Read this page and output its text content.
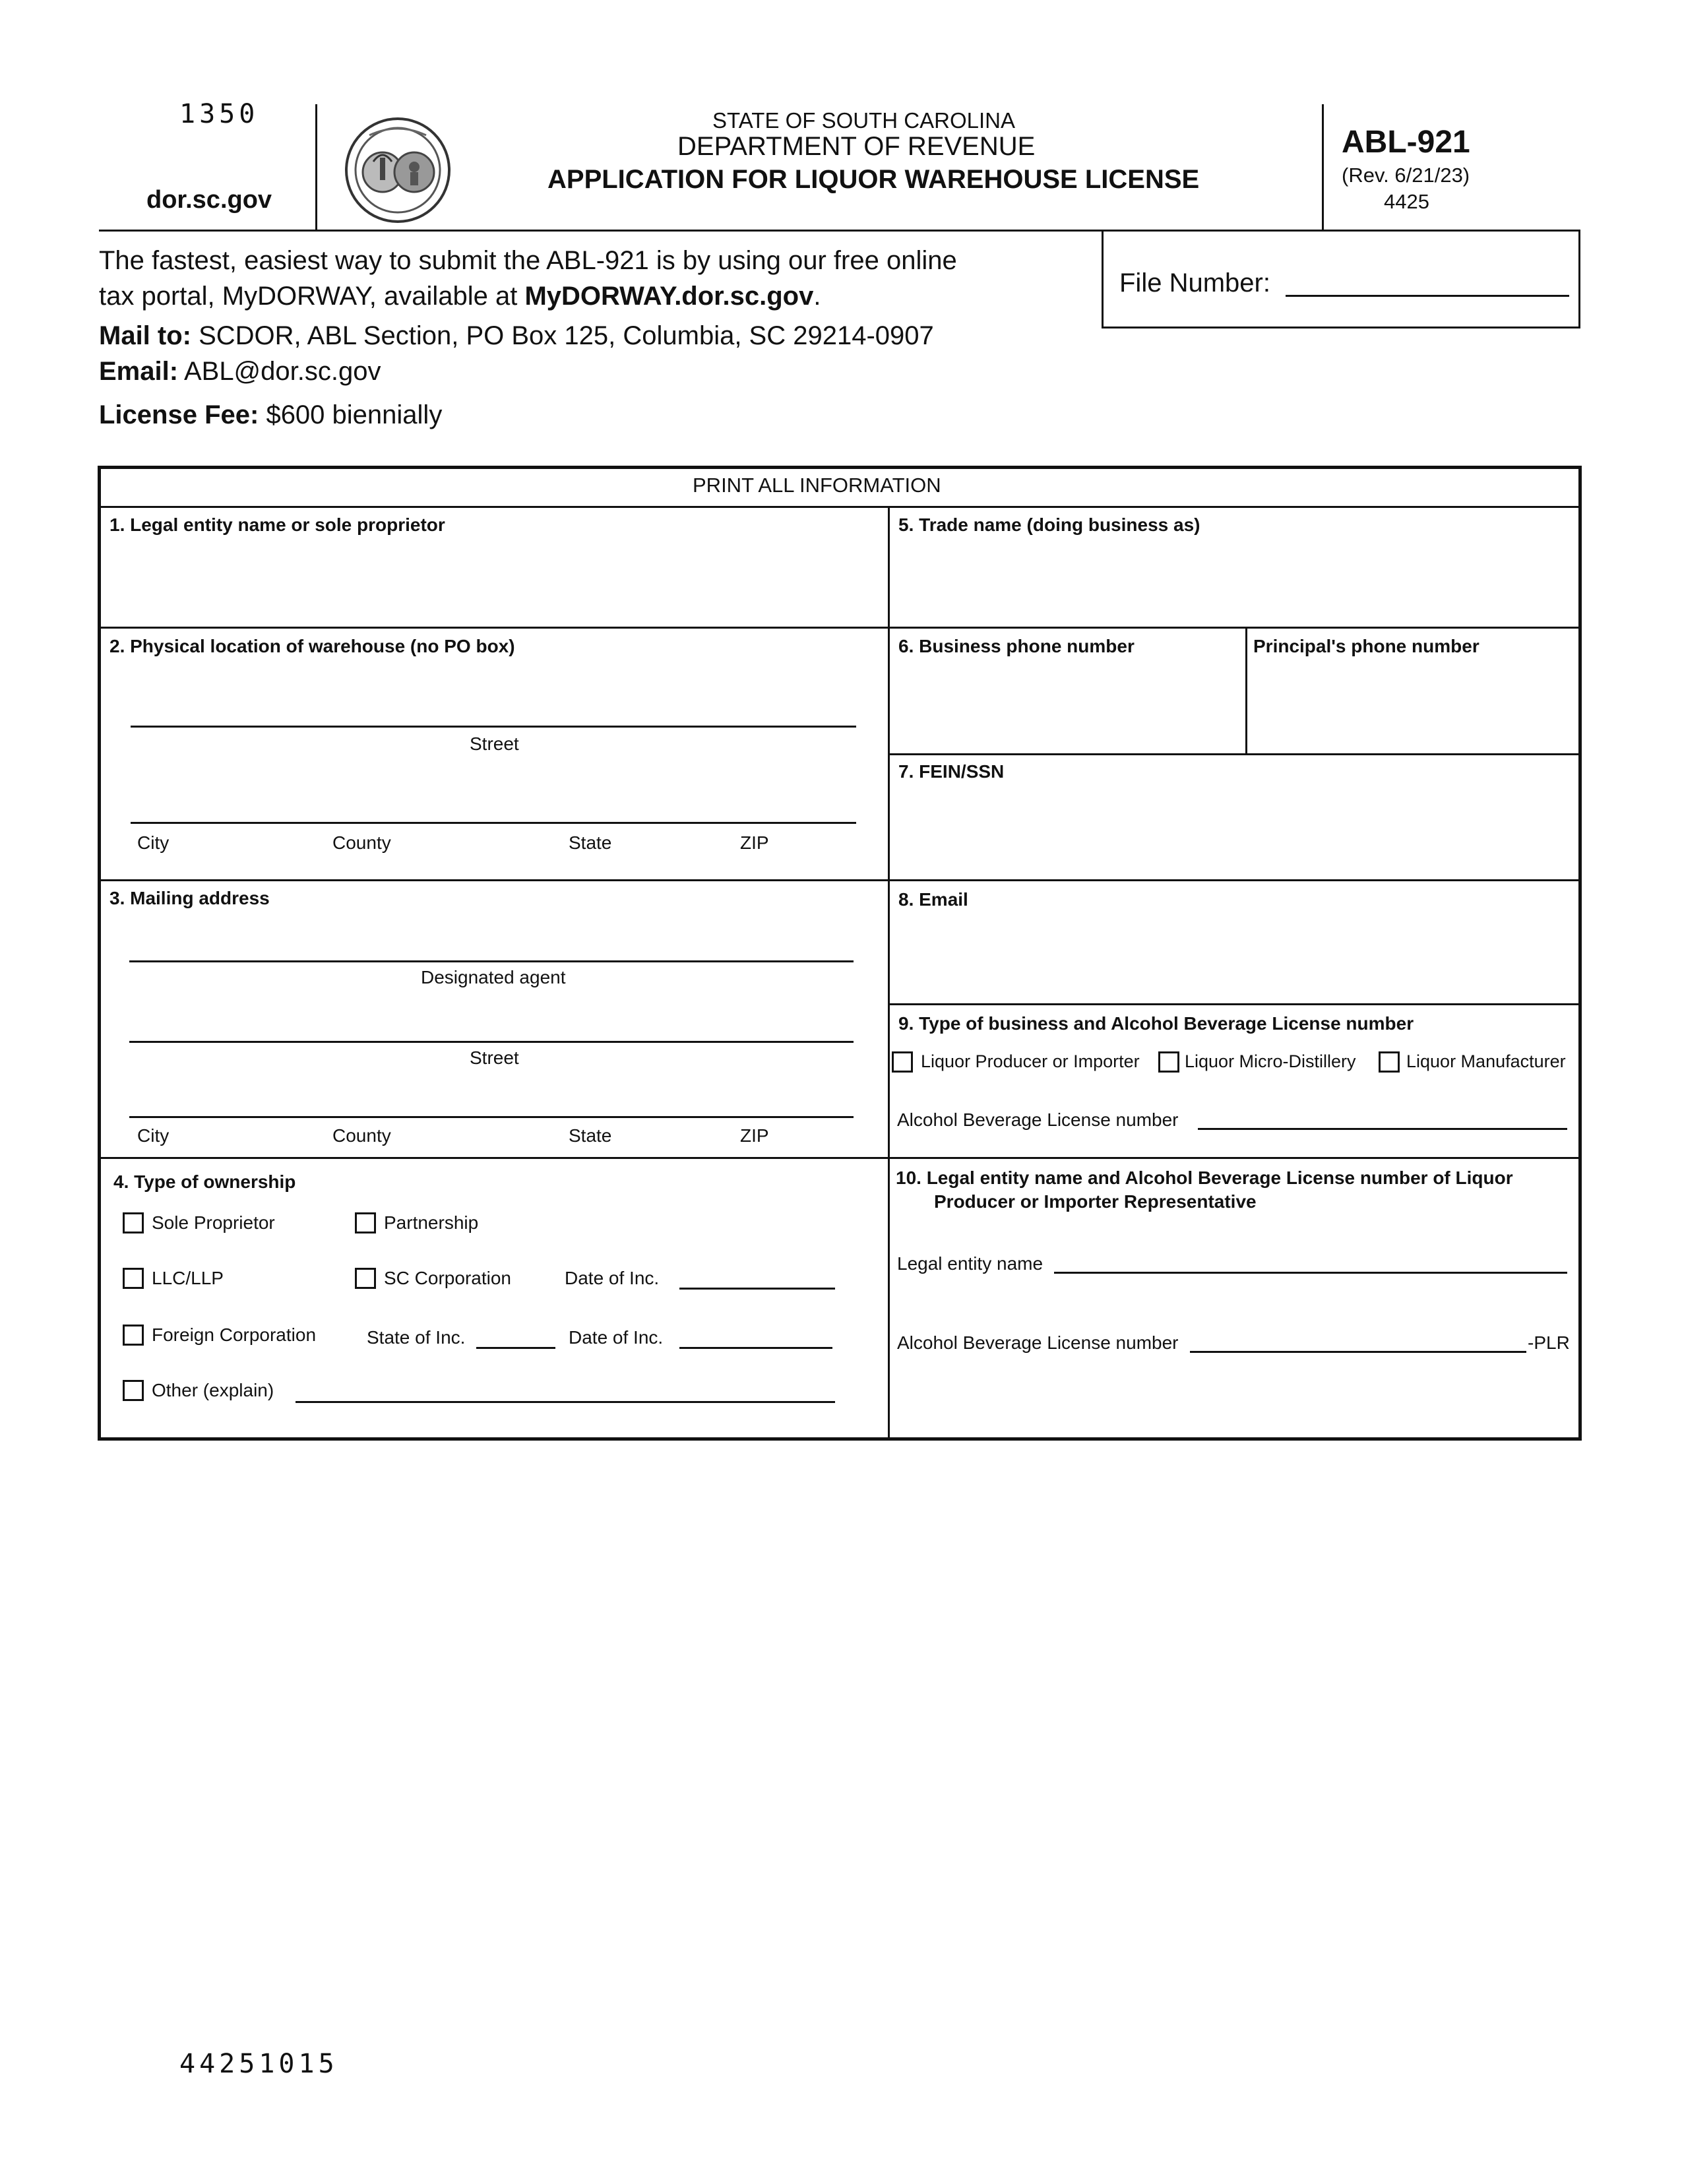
1350
dor.sc.gov
STATE OF SOUTH CAROLINA
DEPARTMENT OF REVENUE
APPLICATION FOR LIQUOR WAREHOUSE LICENSE
ABL-921
(Rev. 6/21/23)
4425
The fastest, easiest way to submit the ABL-921 is by using our free online
tax portal, MyDORWAY, available at MyDORWAY.dor.sc.gov.
Mail to: SCDOR, ABL Section, PO Box 125, Columbia, SC 29214-0907
Email: ABL@dor.sc.gov
License Fee: $600 biennially
File Number:
PRINT ALL INFORMATION
1. Legal entity name or sole proprietor
2. Physical location of warehouse (no PO box)
Street
City	County	State	ZIP
3. Mailing address
Designated agent
Street
City	County	State	ZIP
4. Type of ownership
Sole Proprietor	Partnership
LLC/LLP	SC Corporation	Date of Inc.
Foreign Corporation	State of Inc.	Date of Inc.
Other (explain)
5. Trade name (doing business as)
6. Business phone number	Principal's phone number
7. FEIN/SSN
8. Email
9. Type of business and Alcohol Beverage License number
Liquor Producer or Importer	Liquor Micro-Distillery	Liquor Manufacturer
Alcohol Beverage License number
10. Legal entity name and Alcohol Beverage License number of Liquor
Producer or Importer Representative
Legal entity name
Alcohol Beverage License number	-PLR
44251015
